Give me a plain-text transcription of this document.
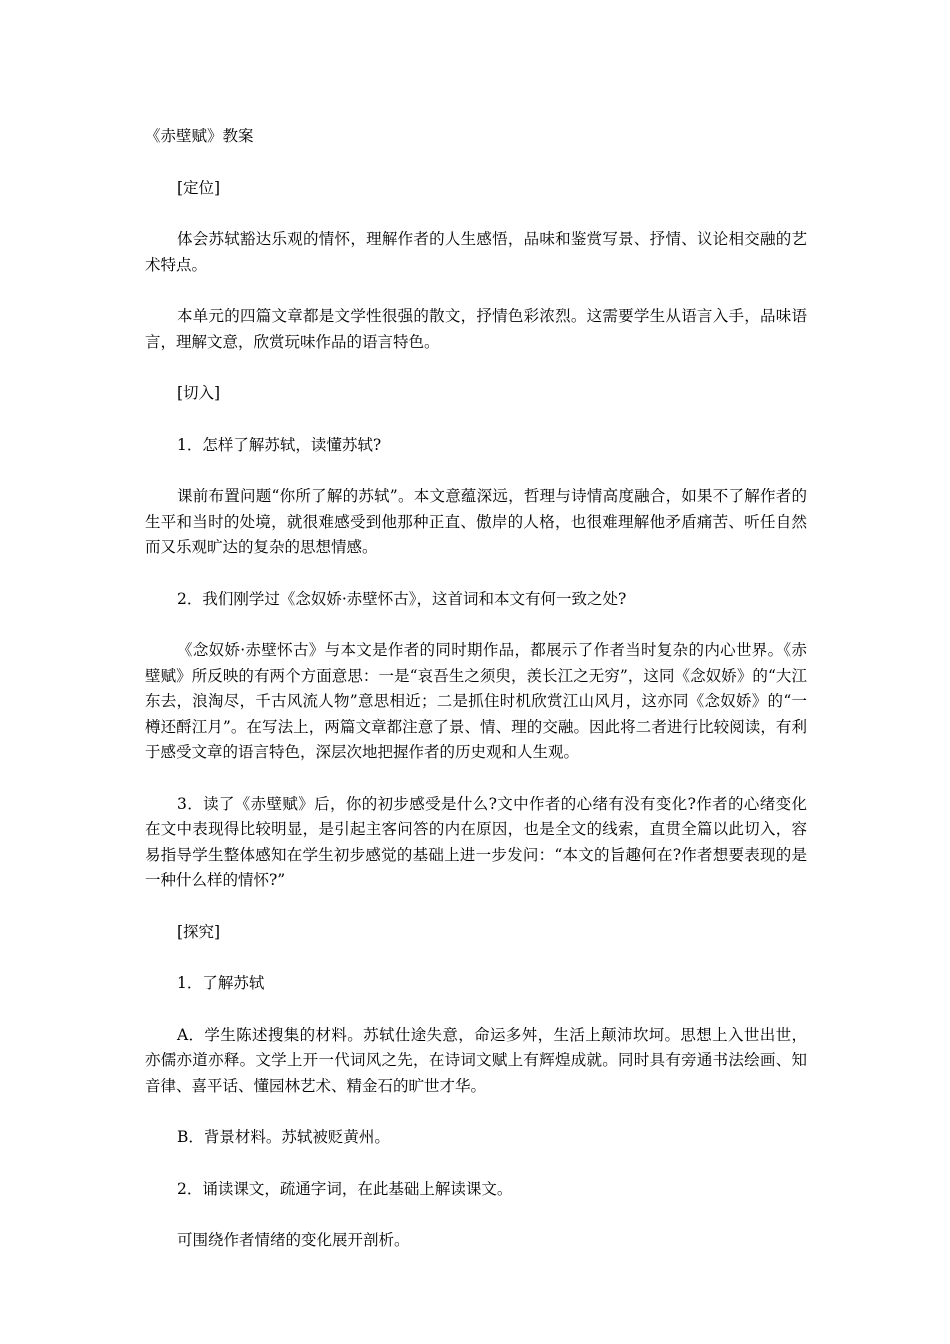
《赤壁赋》教案

[定位]

体会苏轼豁达乐观的情怀，理解作者的人生感悟，品味和鉴赏写景、抒情、议论相交融的艺术特点。

本单元的四篇文章都是文学性很强的散文，抒情色彩浓烈。这需要学生从语言入手，品味语言，理解文意，欣赏玩味作品的语言特色。

[切入]

1．怎样了解苏轼，读懂苏轼?

课前布置问题“你所了解的苏轼”。本文意蕴深远，哲理与诗情高度融合，如果不了解作者的生平和当时的处境，就很难感受到他那种正直、傲岸的人格，也很难理解他矛盾痛苦、听任自然而又乐观旷达的复杂的思想情感。

2．我们刚学过《念奴娇·赤壁怀古》，这首词和本文有何一致之处?

《念奴娇·赤壁怀古》与本文是作者的同时期作品，都展示了作者当时复杂的内心世界。《赤壁赋》所反映的有两个方面意思：一是“哀吾生之须臾，羡长江之无穷”，这同《念奴娇》的“大江东去，浪淘尽，千古风流人物”意思相近；二是抓住时机欣赏江山风月，这亦同《念奴娇》的“一樽还酹江月”。在写法上，两篇文章都注意了景、情、理的交融。因此将二者进行比较阅读，有利于感受文章的语言特色，深层次地把握作者的历史观和人生观。

3．读了《赤壁赋》后，你的初步感受是什么?文中作者的心绪有没有变化?作者的心绪变化在文中表现得比较明显，是引起主客问答的内在原因，也是全文的线索，直贯全篇以此切入，容易指导学生整体感知在学生初步感觉的基础上进一步发问：“本文的旨趣何在?作者想要表现的是一种什么样的情怀?”

[探究]

1．了解苏轼

A．学生陈述搜集的材料。苏轼仕途失意，命运多舛，生活上颠沛坎坷。思想上入世出世，亦儒亦道亦释。文学上开一代词风之先，在诗词文赋上有辉煌成就。同时具有旁通书法绘画、知音律、喜平话、懂园林艺术、精金石的旷世才华。

B．背景材料。苏轼被贬黄州。

2．诵读课文，疏通字词，在此基础上解读课文。

可围绕作者情绪的变化展开剖析。
